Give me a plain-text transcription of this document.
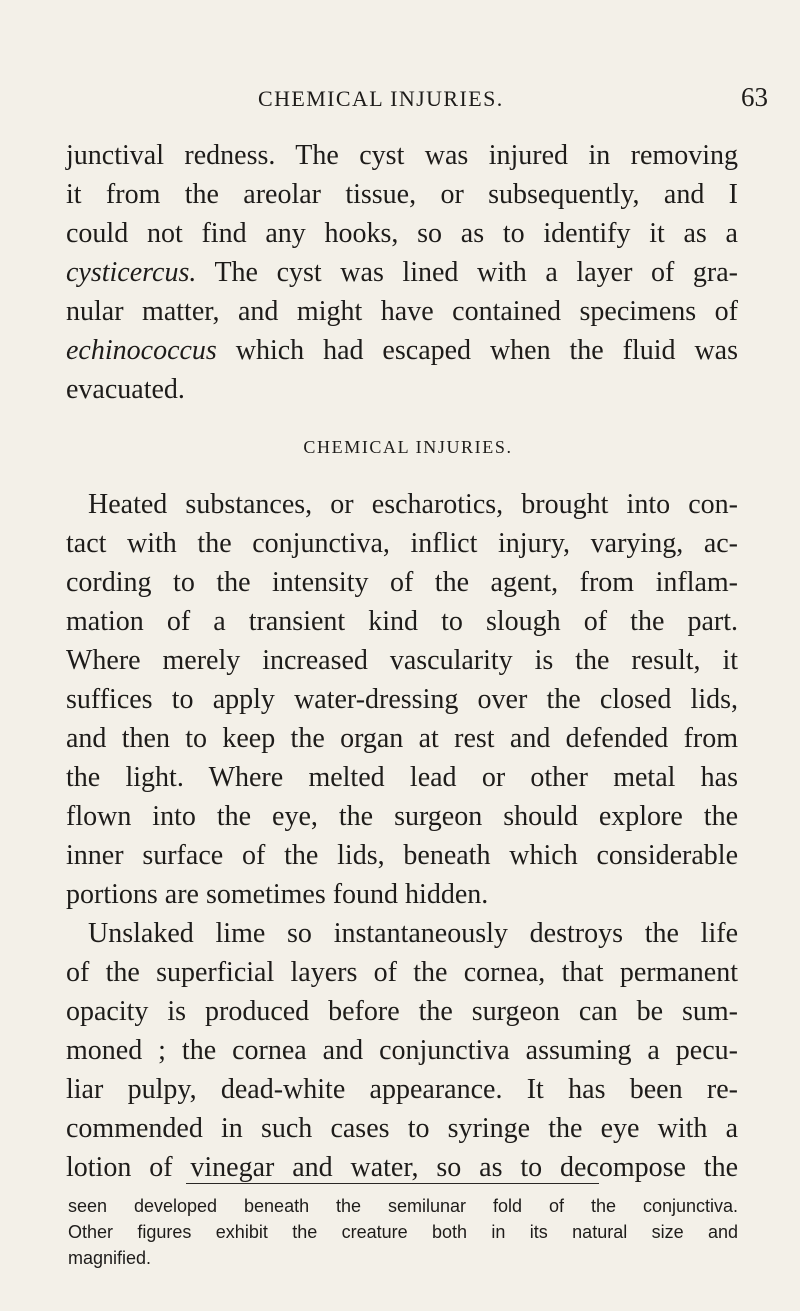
CHEMICAL INJURIES.	63
junctival redness. The cyst was injured in removing
it from the areolar tissue, or subsequently, and I
could not find any hooks, so as to identify it as a
cysticercus. The cyst was lined with a layer of gra-
nular matter, and might have contained specimens of
echinococcus which had escaped when the fluid was
evacuated.
CHEMICAL INJURIES.
Heated substances, or escharotics, brought into con-
tact with the conjunctiva, inflict injury, varying, ac-
cording to the intensity of the agent, from inflam-
mation of a transient kind to slough of the part.
Where merely increased vascularity is the result, it
suffices to apply water-dressing over the closed lids,
and then to keep the organ at rest and defended from
the light. Where melted lead or other metal has
flown into the eye, the surgeon should explore the
inner surface of the lids, beneath which considerable
portions are sometimes found hidden.
Unslaked lime so instantaneously destroys the life
of the superficial layers of the cornea, that permanent
opacity is produced before the surgeon can be sum-
moned ; the cornea and conjunctiva assuming a pecu-
liar pulpy, dead-white appearance. It has been re-
commended in such cases to syringe the eye with a
lotion of vinegar and water, so as to decompose the
seen developed beneath the semilunar fold of the conjunctiva.
Other figures exhibit the creature both in its natural size and
magnified.
